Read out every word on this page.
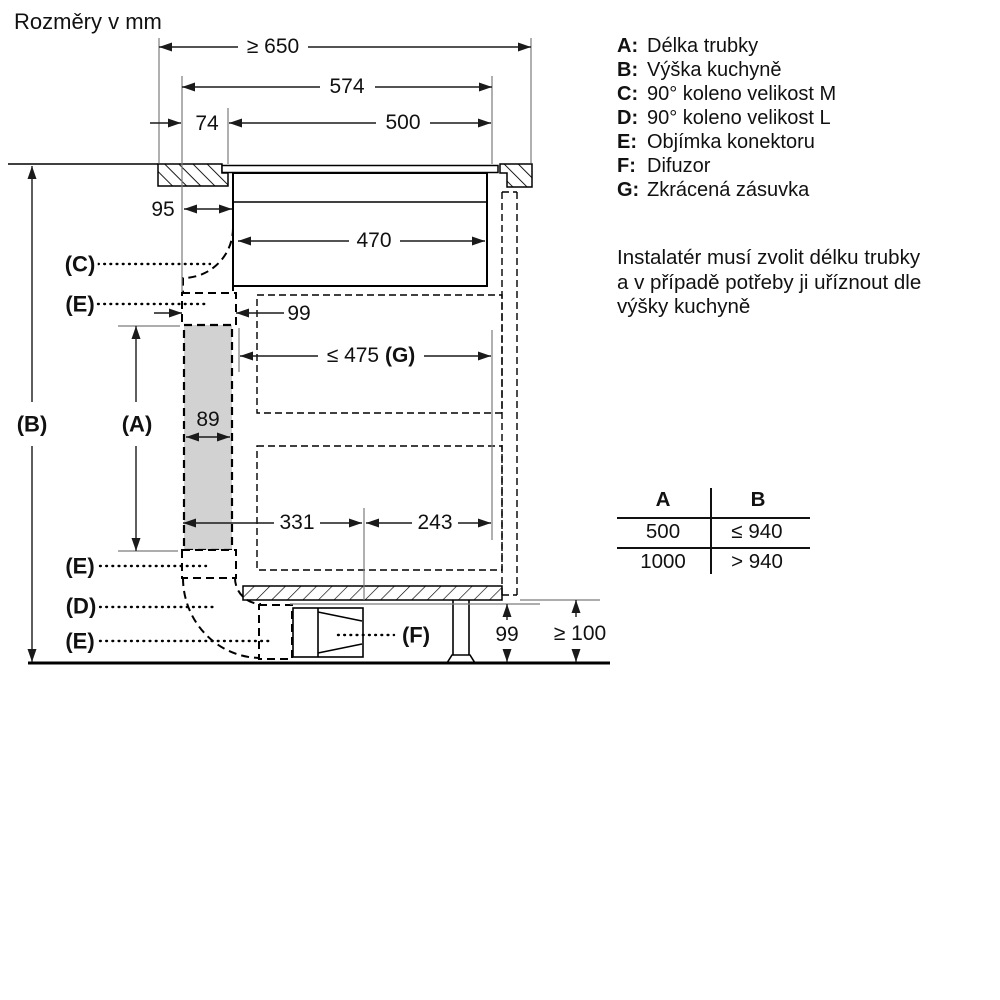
Rozměry v mm
≥ 650
574
74	500
95
470
99
≤ 475 (G)
89
331	243
99 ≥ 100
(C)
(E)
(B)	(A)
(E)
(D)
(E)	(F)
A: Délka trubky
B: Výška kuchyně
C: 90° koleno velikost M
D: 90° koleno velikost L
E: Objímka konektoru
F: Difuzor
G: Zkrácená zásuvka
Instalatér musí zvolit délku trubky
a v případě potřeby ji uříznout dle
výšky kuchyně
A	B
500	≤ 940
1000 > 940
